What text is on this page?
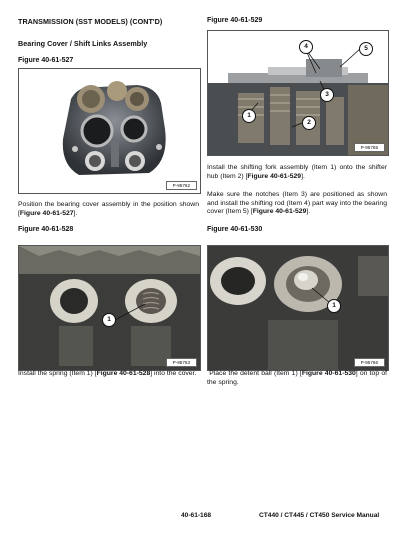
TRANSMISSION (SST MODELS) (CONT'D)
Bearing Cover / Shift Links Assembly
Figure 40-61-527
P-95762
Position the bearing cover assembly in the position shown [Figure 40-61-527].
Figure 40-61-528
1
P-95763
Install the spring (Item 1) [Figure 40-61-528] into the cover.
Figure 40-61-529
4	5
3
1
2
P-95765
Install the shifting fork assembly (Item 1) onto the shifter hub (Item 2) [Figure 40-61-529].
Make sure the notches (Item 3) are positioned as shown and install the shifting rod (Item 4) part way into the bearing cover (Item 5) [Figure 40-61-529].
Figure 40-61-530
1
P-95766
Place the detent ball (Item 1) [Figure 40-61-530] on top of the spring.
40-61-168	CT440 / CT445 / CT450 Service Manual
